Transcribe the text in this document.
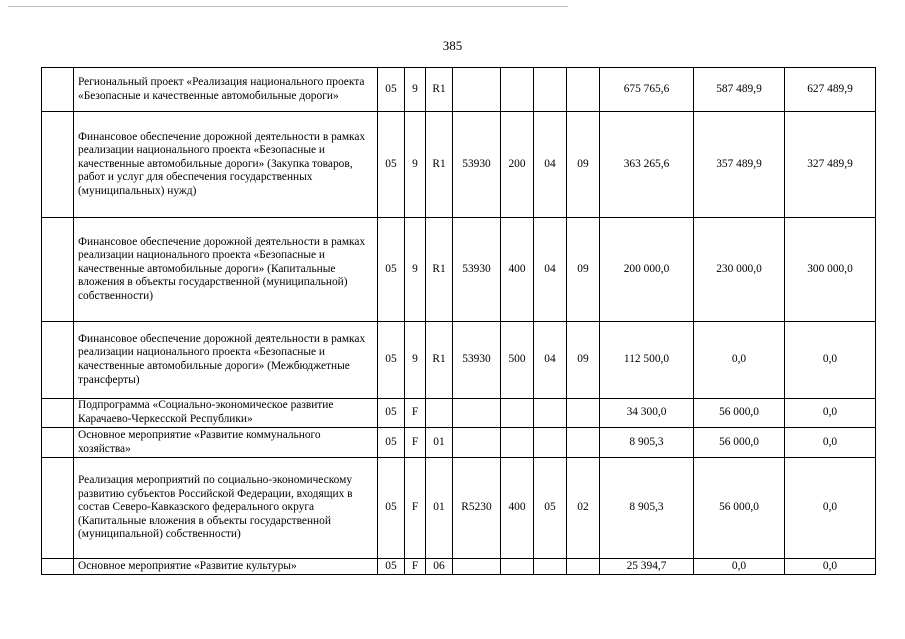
385
	Региональный проект «Реализация национального проекта «Безопасные и качественные автомобильные дороги»	05	9	R1					675 765,6	587 489,9	627 489,9
	Финансовое обеспечение дорожной деятельности в рамках реализации национального проекта «Безопасные и качественные автомобильные дороги» (Закупка товаров, работ и услуг для обеспечения государственных (муниципальных) нужд)	05	9	R1	53930	200	04	09	363 265,6	357 489,9	327 489,9
	Финансовое обеспечение дорожной деятельности в рамках реализации национального проекта «Безопасные и качественные автомобильные дороги» (Капитальные вложения в объекты государственной (муниципальной) собственности)	05	9	R1	53930	400	04	09	200 000,0	230 000,0	300 000,0
	Финансовое обеспечение дорожной деятельности в рамках реализации национального проекта «Безопасные и качественные автомобильные дороги» (Межбюджетные трансферты)	05	9	R1	53930	500	04	09	112 500,0	0,0	0,0
	Подпрограмма «Социально-экономическое развитие Карачаево-Черкесской Республики»	05	F						34 300,0	56 000,0	0,0
	Основное мероприятие «Развитие коммунального хозяйства»	05	F	01					8 905,3	56 000,0	0,0
	Реализация мероприятий по социально-экономическому развитию субъектов Российской Федерации, входящих в состав Северо-Кавказского федерального округа (Капитальные вложения в объекты государственной (муниципальной) собственности)	05	F	01	R5230	400	05	02	8 905,3	56 000,0	0,0
	Основное мероприятие «Развитие культуры»	05	F	06					25 394,7	0,0	0,0
